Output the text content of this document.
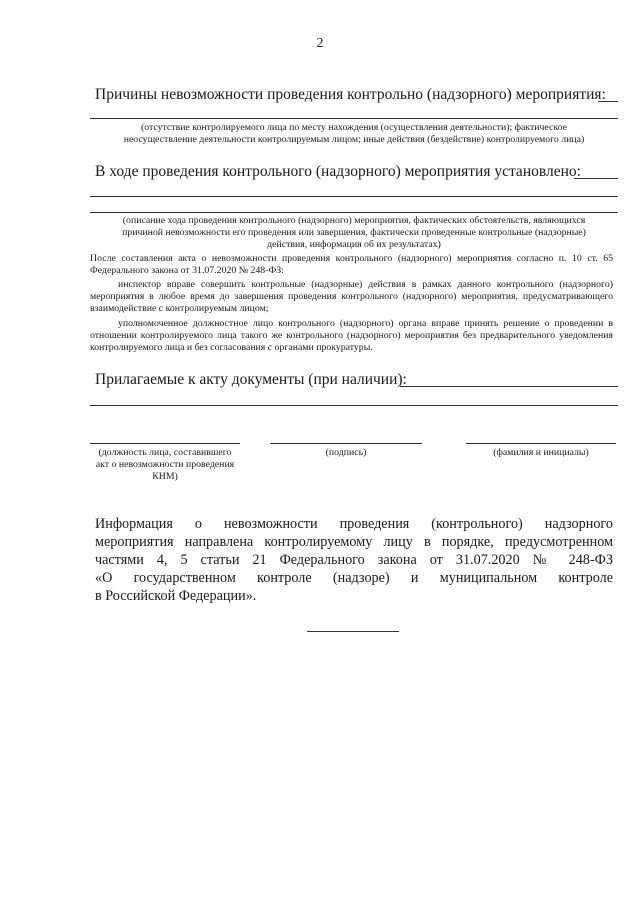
2
Причины невозможности проведения контрольно (надзорного) мероприятия:
(отсутствие контролируемого лица по месту нахождения (осуществления деятельности); фактическое
неосуществление деятельности контролируемым лицом; иные действия (бездействие) контролируемого лица)
В ходе проведения контрольного (надзорного) мероприятия установлено:
(описание хода проведения контрольного (надзорного) мероприятия, фактических обстоятельств, являющихся
причиной невозможности его проведения или завершения, фактически проведенные контрольные (надзорные)
действия, информация об их результатах)
После составления акта о невозможности проведения контрольного (надзорного) мероприятия согласно п. 10 ст. 65 Федерального закона от 31.07.2020 № 248-ФЗ:
инспектор вправе совершить контрольные (надзорные) действия в рамках данного контрольного (надзорного) мероприятия в любое время до завершения проведения контрольного (надзорного) мероприятия, предусматривающего взаимодействие с контролируемым лицом;
уполномоченное должностное лицо контрольного (надзорного) органа вправе принять решение о проведении в отношении контролируемого лица такого же контрольного (надзорного) мероприятия без предварительного уведомления контролируемого лица и без согласования с органами прокуратуры.
Прилагаемые к акту документы (при наличии):
(должность лица, составившего акт о невозможности проведения КНМ)
(подпись)	(фамилия и инициалы)
Информация о невозможности проведения (контрольного) надзорного
мероприятия направлена контролируемому лицу в порядке, предусмотренном
частями 4, 5 статьи 21 Федерального закона от 31.07.2020 № 248-ФЗ
«О государственном контроле (надзоре) и муниципальном контроле
в Российской Федерации».
